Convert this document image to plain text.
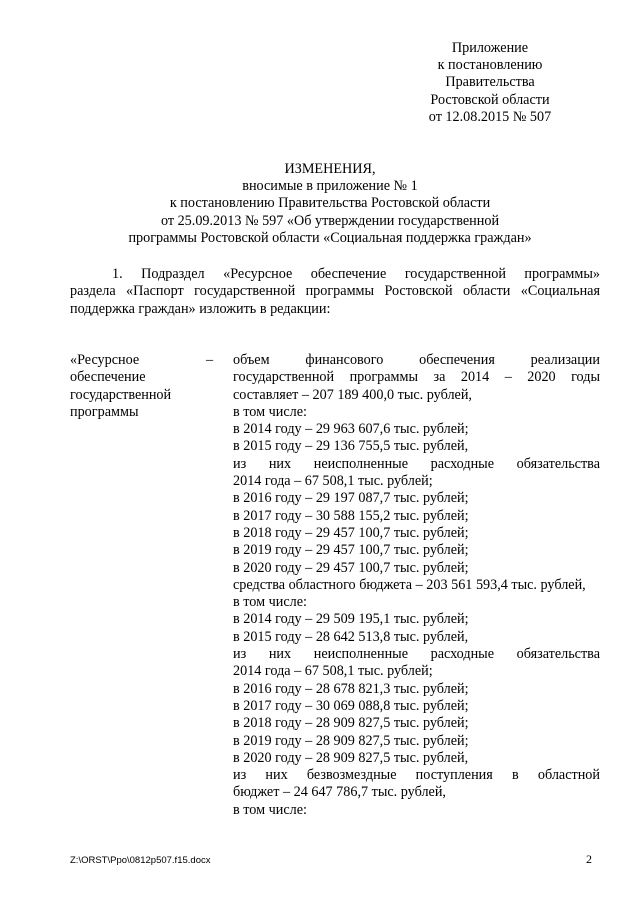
Приложение
к постановлению
Правительства
Ростовской области
от 12.08.2015 № 507
ИЗМЕНЕНИЯ,
вносимые в приложение № 1
к постановлению Правительства Ростовской области
от 25.09.2013 № 597 «Об утверждении государственной
программы Ростовской области «Социальная поддержка граждан»
1. Подраздел «Ресурсное обеспечение государственной программы»
раздела «Паспорт государственной программы Ростовской области «Социальная
поддержка граждан» изложить в редакции:
«Ресурсное
обеспечение
государственной
программы
– объем финансового обеспечения реализации
государственной программы за 2014 – 2020 годы
составляет – 207 189 400,0 тыс. рублей,
в том числе:
в 2014 году – 29 963 607,6 тыс. рублей;
в 2015 году – 29 136 755,5 тыс. рублей,
из них неисполненные расходные обязательства
2014 года – 67 508,1 тыс. рублей;
в 2016 году – 29 197 087,7 тыс. рублей;
в 2017 году – 30 588 155,2 тыс. рублей;
в 2018 году – 29 457 100,7 тыс. рублей;
в 2019 году – 29 457 100,7 тыс. рублей;
в 2020 году – 29 457 100,7 тыс. рублей;
средства областного бюджета – 203 561 593,4 тыс. рублей,
в том числе:
в 2014 году – 29 509 195,1 тыс. рублей;
в 2015 году – 28 642 513,8 тыс. рублей,
из них неисполненные расходные обязательства
2014 года – 67 508,1 тыс. рублей;
в 2016 году – 28 678 821,3 тыс. рублей;
в 2017 году – 30 069 088,8 тыс. рублей;
в 2018 году – 28 909 827,5 тыс. рублей;
в 2019 году – 28 909 827,5 тыс. рублей;
в 2020 году – 28 909 827,5 тыс. рублей,
из них безвозмездные поступления в областной
бюджет – 24 647 786,7 тыс. рублей,
в том числе:
Z:\ORST\Ppo\0812p507.f15.docx	2
